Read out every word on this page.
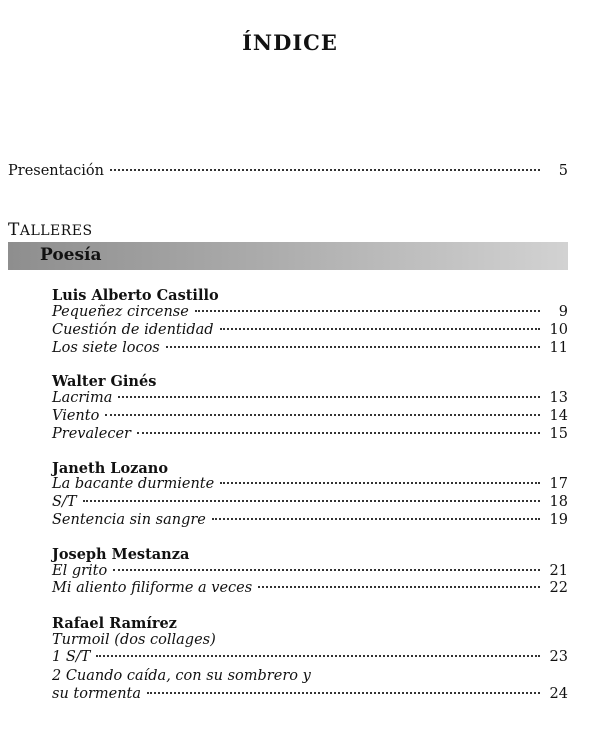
ÍNDICE
Presentación	5
TALLERES
Poesía
Luis Alberto Castillo
Pequeñez circense	9
Cuestión de identidad	10
Los siete locos	11
Walter Ginés
Lacrima	13
Viento	14
Prevalecer	15
Janeth Lozano
La bacante durmiente	17
S/T	18
Sentencia sin sangre	19
Joseph Mestanza
El grito	21
Mi aliento filiforme a veces	22
Rafael Ramírez
Turmoil (dos collages)
1 S/T	23
2 Cuando caída, con su sombrero y
su tormenta	24
